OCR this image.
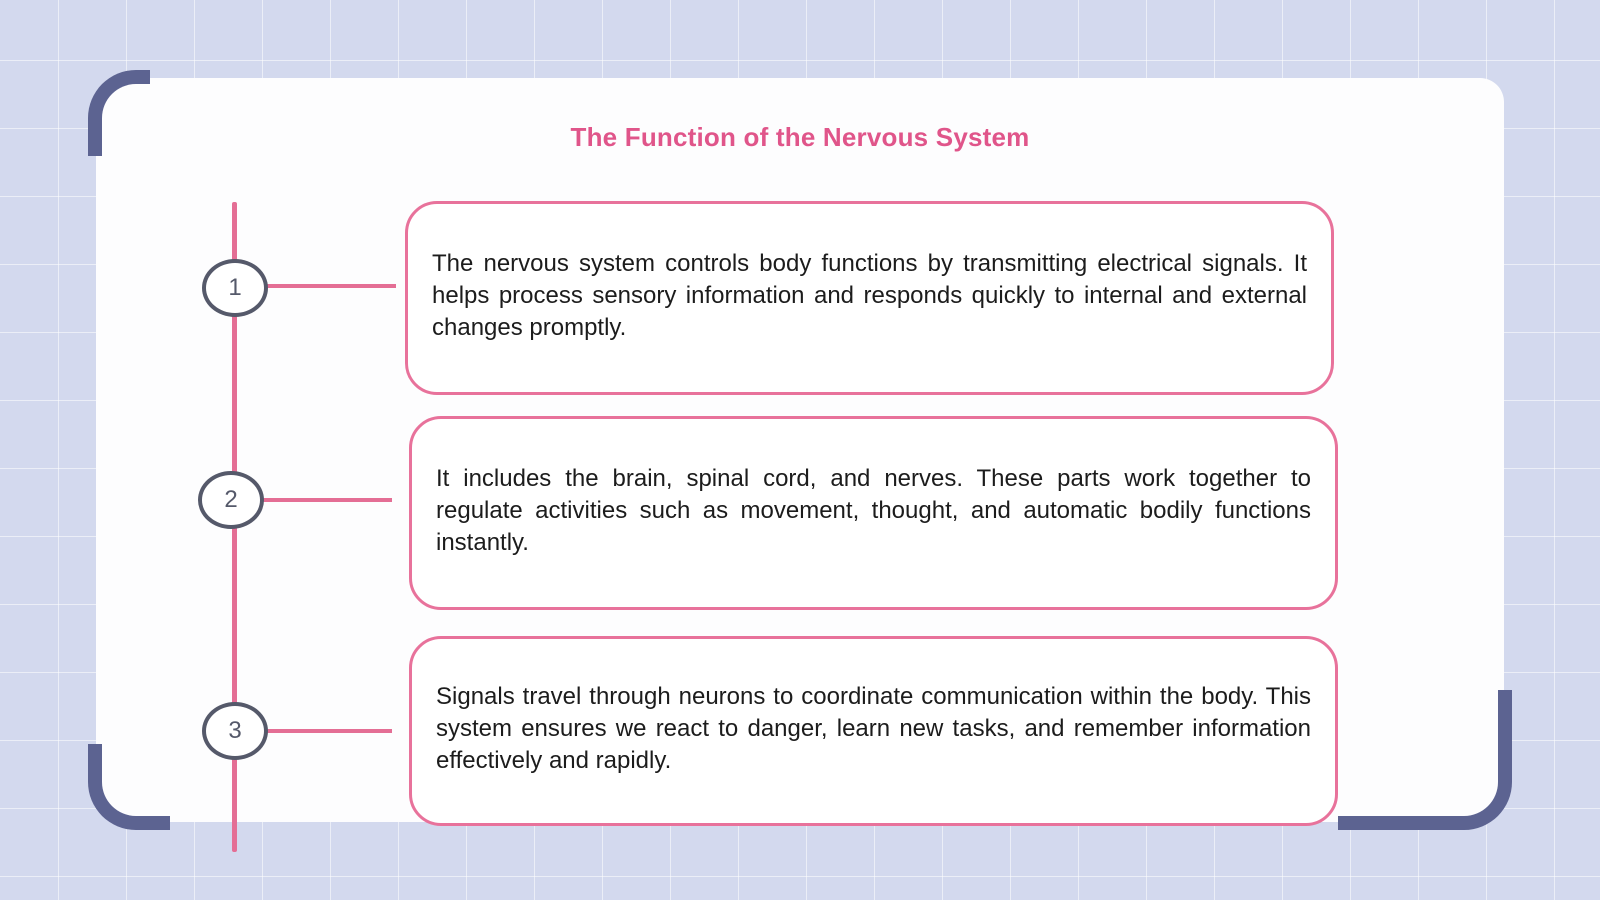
The Function of the Nervous System
1
2
3

The nervous system controls body functions by transmitting electrical signals. It helps process sensory information and responds quickly to internal and external changes promptly.

It includes the brain, spinal cord, and nerves. These parts work together to regulate activities such as movement, thought, and automatic bodily functions instantly.

Signals travel through neurons to coordinate communication within the body. This system ensures we react to danger, learn new tasks, and remember information effectively and rapidly.
